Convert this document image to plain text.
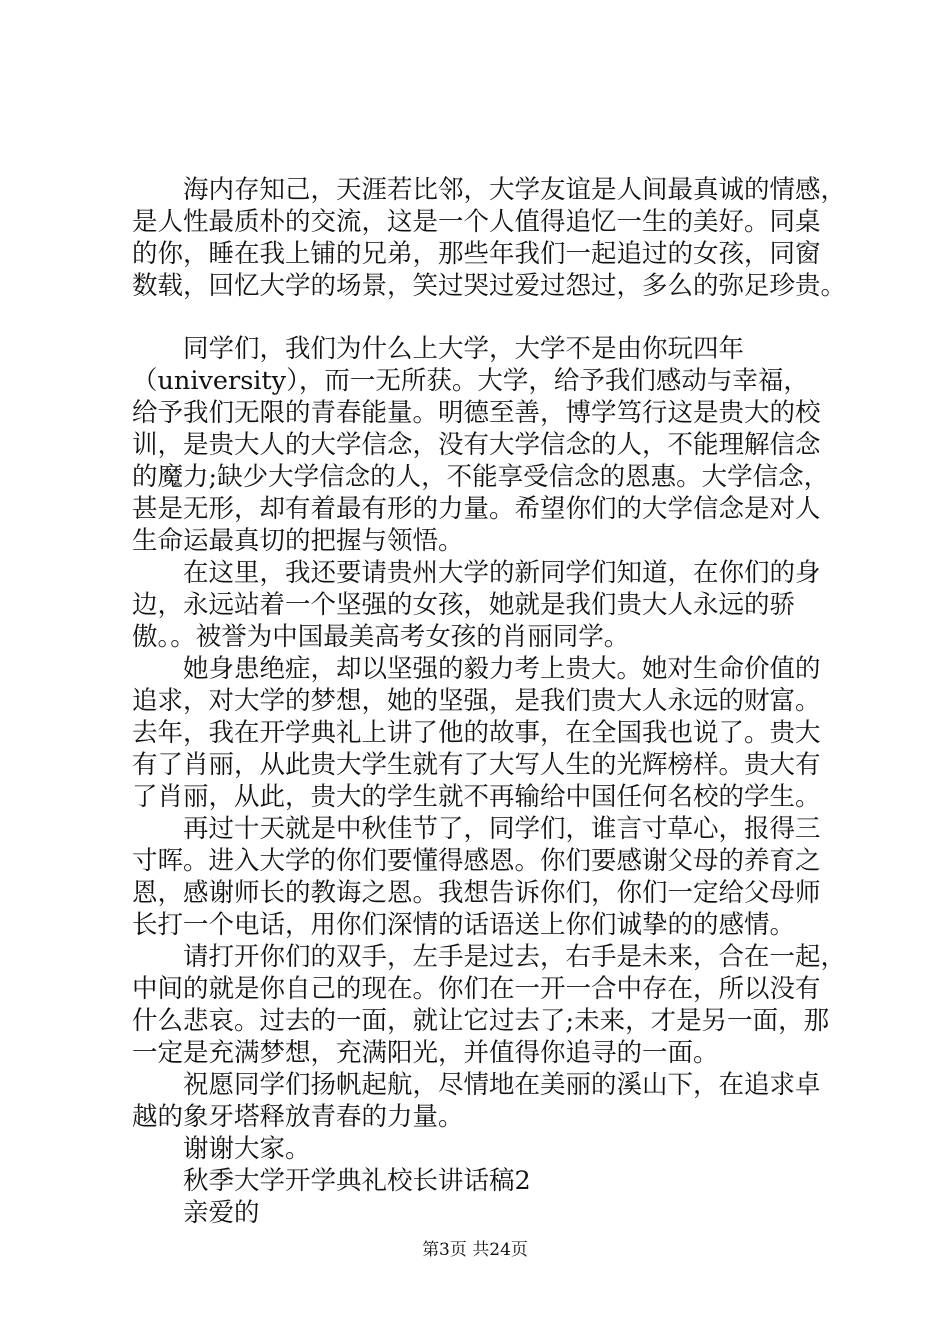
　　海内存知己，天涯若比邻，大学友谊是人间最真诚的情感，

是人性最质朴的交流，这是一个人值得追忆一生的美好。同桌

的你，睡在我上铺的兄弟，那些年我们一起追过的女孩，同窗

数载，回忆大学的场景，笑过哭过爱过怨过，多么的弥足珍贵。

　　同学们，我们为什么上大学，大学不是由你玩四年

（university），而一无所获。大学，给予我们感动与幸福，

给予我们无限的青春能量。明德至善，博学笃行这是贵大的校

训，是贵大人的大学信念，没有大学信念的人，不能理解信念

的魔力;缺少大学信念的人，不能享受信念的恩惠。大学信念，

甚是无形，却有着最有形的力量。希望你们的大学信念是对人

生命运最真切的把握与领悟。

　　在这里，我还要请贵州大学的新同学们知道，在你们的身

边，永远站着一个坚强的女孩，她就是我们贵大人永远的骄

傲。。被誉为中国最美高考女孩的肖丽同学。

　　她身患绝症，却以坚强的毅力考上贵大。她对生命价值的

追求，对大学的梦想，她的坚强，是我们贵大人永远的财富。

去年，我在开学典礼上讲了他的故事，在全国我也说了。贵大

有了肖丽，从此贵大学生就有了大写人生的光辉榜样。贵大有

了肖丽，从此，贵大的学生就不再输给中国任何名校的学生。

　　再过十天就是中秋佳节了，同学们，谁言寸草心，报得三

寸晖。进入大学的你们要懂得感恩。你们要感谢父母的养育之

恩，感谢师长的教诲之恩。我想告诉你们，你们一定给父母师

长打一个电话，用你们深情的话语送上你们诚挚的的感情。

　　请打开你们的双手，左手是过去，右手是未来，合在一起，

中间的就是你自己的现在。你们在一开一合中存在，所以没有

什么悲哀。过去的一面，就让它过去了;未来，才是另一面，那

一定是充满梦想，充满阳光，并值得你追寻的一面。

　　祝愿同学们扬帆起航，尽情地在美丽的溪山下，在追求卓

越的象牙塔释放青春的力量。

　　谢谢大家。

　　秋季大学开学典礼校长讲话稿2

　　亲爱的

第3页 共24页
